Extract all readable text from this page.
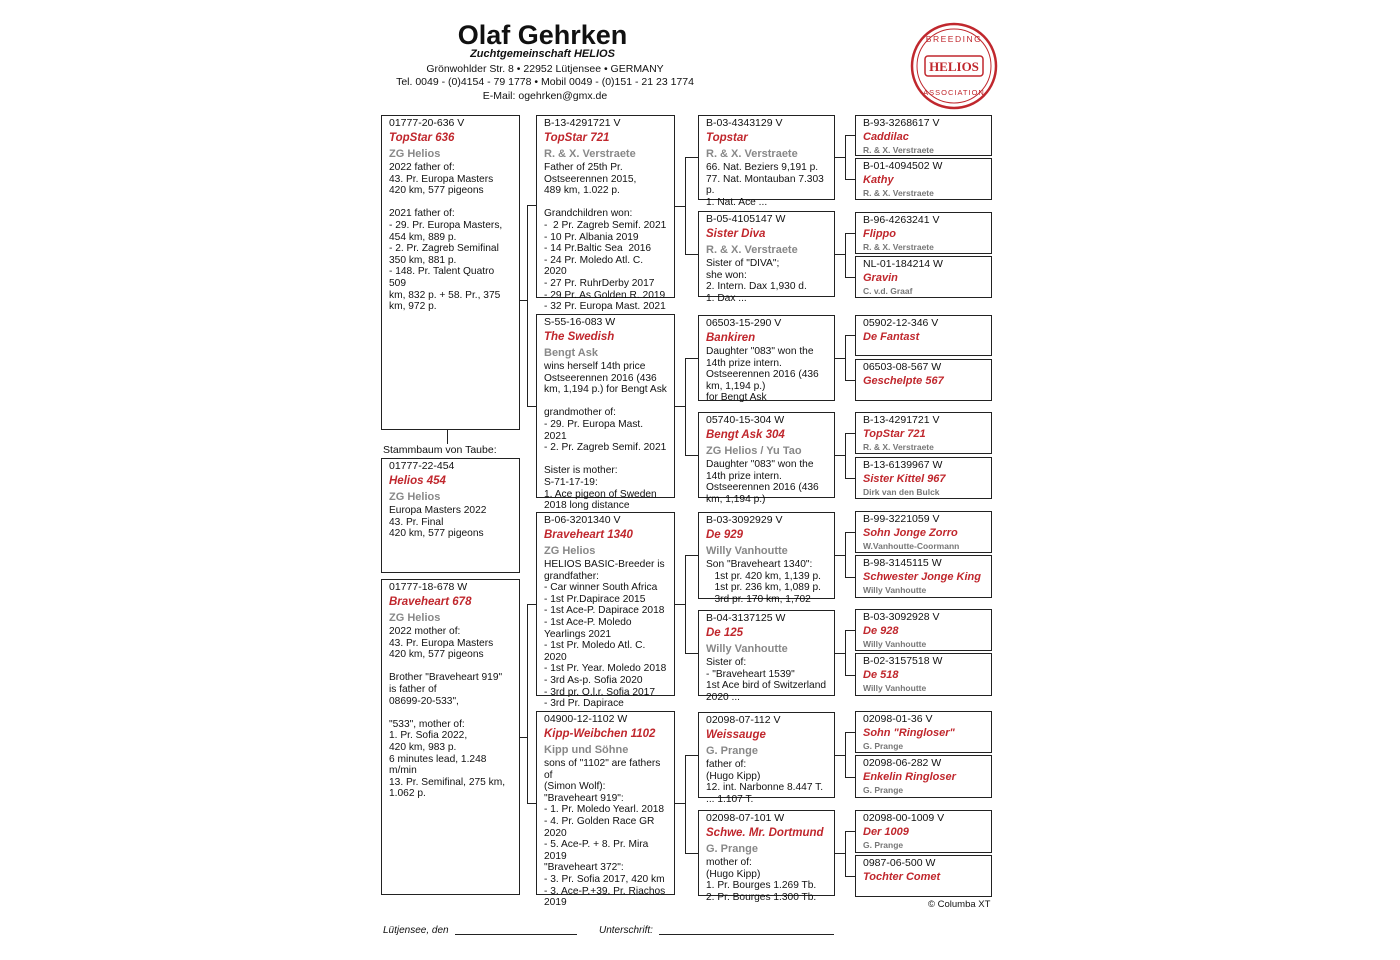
Olaf Gehrken
Zuchtgemeinschaft HELIOS
Grönwohlder Str. 8 • 22952 Lütjensee • GERMANY
Tel. 0049 - (0)4154 - 79 1778 • Mobil 0049 - (0)151 - 21 23 1774
E-Mail: ogehrken@gmx.de
HELIOS
BREEDING
ASSOCIATION
01777-20-636 V
TopStar 636
ZG Helios
2022 father of:
43. Pr. Europa Masters
420 km, 577 pigeons

2021 father of:
- 29. Pr. Europa Masters,
454 km, 889 p.
- 2. Pr. Zagreb Semifinal
350 km, 881 p.
- 148. Pr. Talent Quatro 509
km, 832 p. + 58. Pr., 375
km, 972 p.
Stammbaum von Taube:
01777-22-454
Helios 454
ZG Helios
Europa Masters 2022
43. Pr. Final
420 km, 577 pigeons
01777-18-678 W
Braveheart 678
ZG Helios
2022 mother of:
43. Pr. Europa Masters
420 km, 577 pigeons

Brother "Braveheart 919"
is father of
08699-20-533",

"533", mother of:
1. Pr. Sofia 2022,
420 km, 983 p.
6 minutes lead, 1.248
m/min
13. Pr. Semifinal, 275 km,
1.062 p.
B-13-4291721 V
TopStar 721
R. & X. Verstraete
Father of 25th Pr.
Ostseerennen 2015,
489 km, 1.022 p.

Grandchildren won:
-  2 Pr. Zagreb Semif. 2021
- 10 Pr. Albania 2019
- 14 Pr.Baltic Sea  2016
- 24 Pr. Moledo Atl. C. 2020
- 27 Pr. RuhrDerby 2017
- 29 Pr. As Golden R. 2019
- 32 Pr. Europa Mast. 2021
S-55-16-083 W
The Swedish
Bengt Ask
wins herself 14th price
Ostseerennen 2016 (436
km, 1,194 p.) for Bengt Ask

grandmother of:
- 29. Pr. Europa Mast. 2021
- 2. Pr. Zagreb Semif. 2021

Sister is mother:
S-71-17-19:
1. Ace pigeon of Sweden
2018 long distance
B-06-3201340 V
Braveheart 1340
ZG Helios
HELIOS BASIC-Breeder is
grandfather:
- Car winner South Africa
- 1st Pr.Dapirace 2015
- 1st Ace-P. Dapirace 2018
- 1st Ace-P. Moledo
Yearlings 2021
- 1st Pr. Moledo Atl. C. 2020
- 1st Pr. Year. Moledo 2018
- 3rd As-p. Sofia 2020
- 3rd pr. O.l.r. Sofia 2017
- 3rd Pr. Dapirace
04900-12-1102 W
Kipp-Weibchen 1102
Kipp und Söhne
sons of "1102" are fathers of
(Simon Wolf):
"Braveheart 919":
- 1. Pr. Moledo Yearl. 2018
- 4. Pr. Golden Race GR
2020
- 5. Ace-P. + 8. Pr. Mira
2019
"Braveheart 372":
- 3. Pr. Sofia 2017, 420 km
- 3. Ace-P.+39. Pr. Riachos
2019
B-03-4343129 V
Topstar
R. & X. Verstraete
66. Nat. Beziers 9,191 p.
77. Nat. Montauban 7.303
p.
1. Nat. Ace ...
B-05-4105147 W
Sister Diva
R. & X. Verstraete
Sister of "DIVA";
she won:
2. Intern. Dax 1,930 d.
1. Dax ...
06503-15-290 V
Bankiren
Daughter "083" won the
14th prize intern.
Ostseerennen 2016 (436
km, 1,194 p.)
for Bengt Ask
05740-15-304 W
Bengt Ask 304
ZG Helios / Yu Tao
Daughter "083" won the
14th prize intern.
Ostseerennen 2016 (436
km, 1,194 p.)
B-03-3092929 V
De 929
Willy Vanhoutte
Son "Braveheart 1340":
1st pr. 420 km, 1,139 p.
1st pr. 236 km, 1,089 p.
3rd pr. 170 km, 1,702
B-04-3137125 W
De 125
Willy Vanhoutte
Sister of:
- "Braveheart 1539"
1st Ace bird of Switzerland
2020 ...
02098-07-112 V
Weissauge
G. Prange
father of:
(Hugo Kipp)
12. int. Narbonne 8.447 T.
... 1.107 T.
02098-07-101 W
Schwe. Mr. Dortmund
G. Prange
mother of:
(Hugo Kipp)
1. Pr. Bourges 1.269 Tb.
2. Pr. Bourges 1.300 Tb.
B-93-3268617 V
Caddilac
R. & X. Verstraete
B-01-4094502 W
Kathy
R. & X. Verstraete
B-96-4263241 V
Flippo
R. & X. Verstraete
NL-01-184214 W
Gravin
C. v.d. Graaf
05902-12-346 V
De Fantast
06503-08-567 W
Geschelpte 567
B-13-4291721 V
TopStar 721
R. & X. Verstraete
B-13-6139967 W
Sister Kittel 967
Dirk van den Bulck
B-99-3221059 V
Sohn Jonge Zorro
W.Vanhoutte-Coormann
B-98-3145115 W
Schwester Jonge King
Willy Vanhoutte
B-03-3092928 V
De 928
Willy Vanhoutte
B-02-3157518 W
De 518
Willy Vanhoutte
02098-01-36 V
Sohn "Ringloser"
G. Prange
02098-06-282 W
Enkelin Ringloser
G. Prange
02098-00-1009 V
Der 1009
G. Prange
0987-06-500 W
Tochter Comet
© Columba XT
Lütjensee, den	Unterschrift:
